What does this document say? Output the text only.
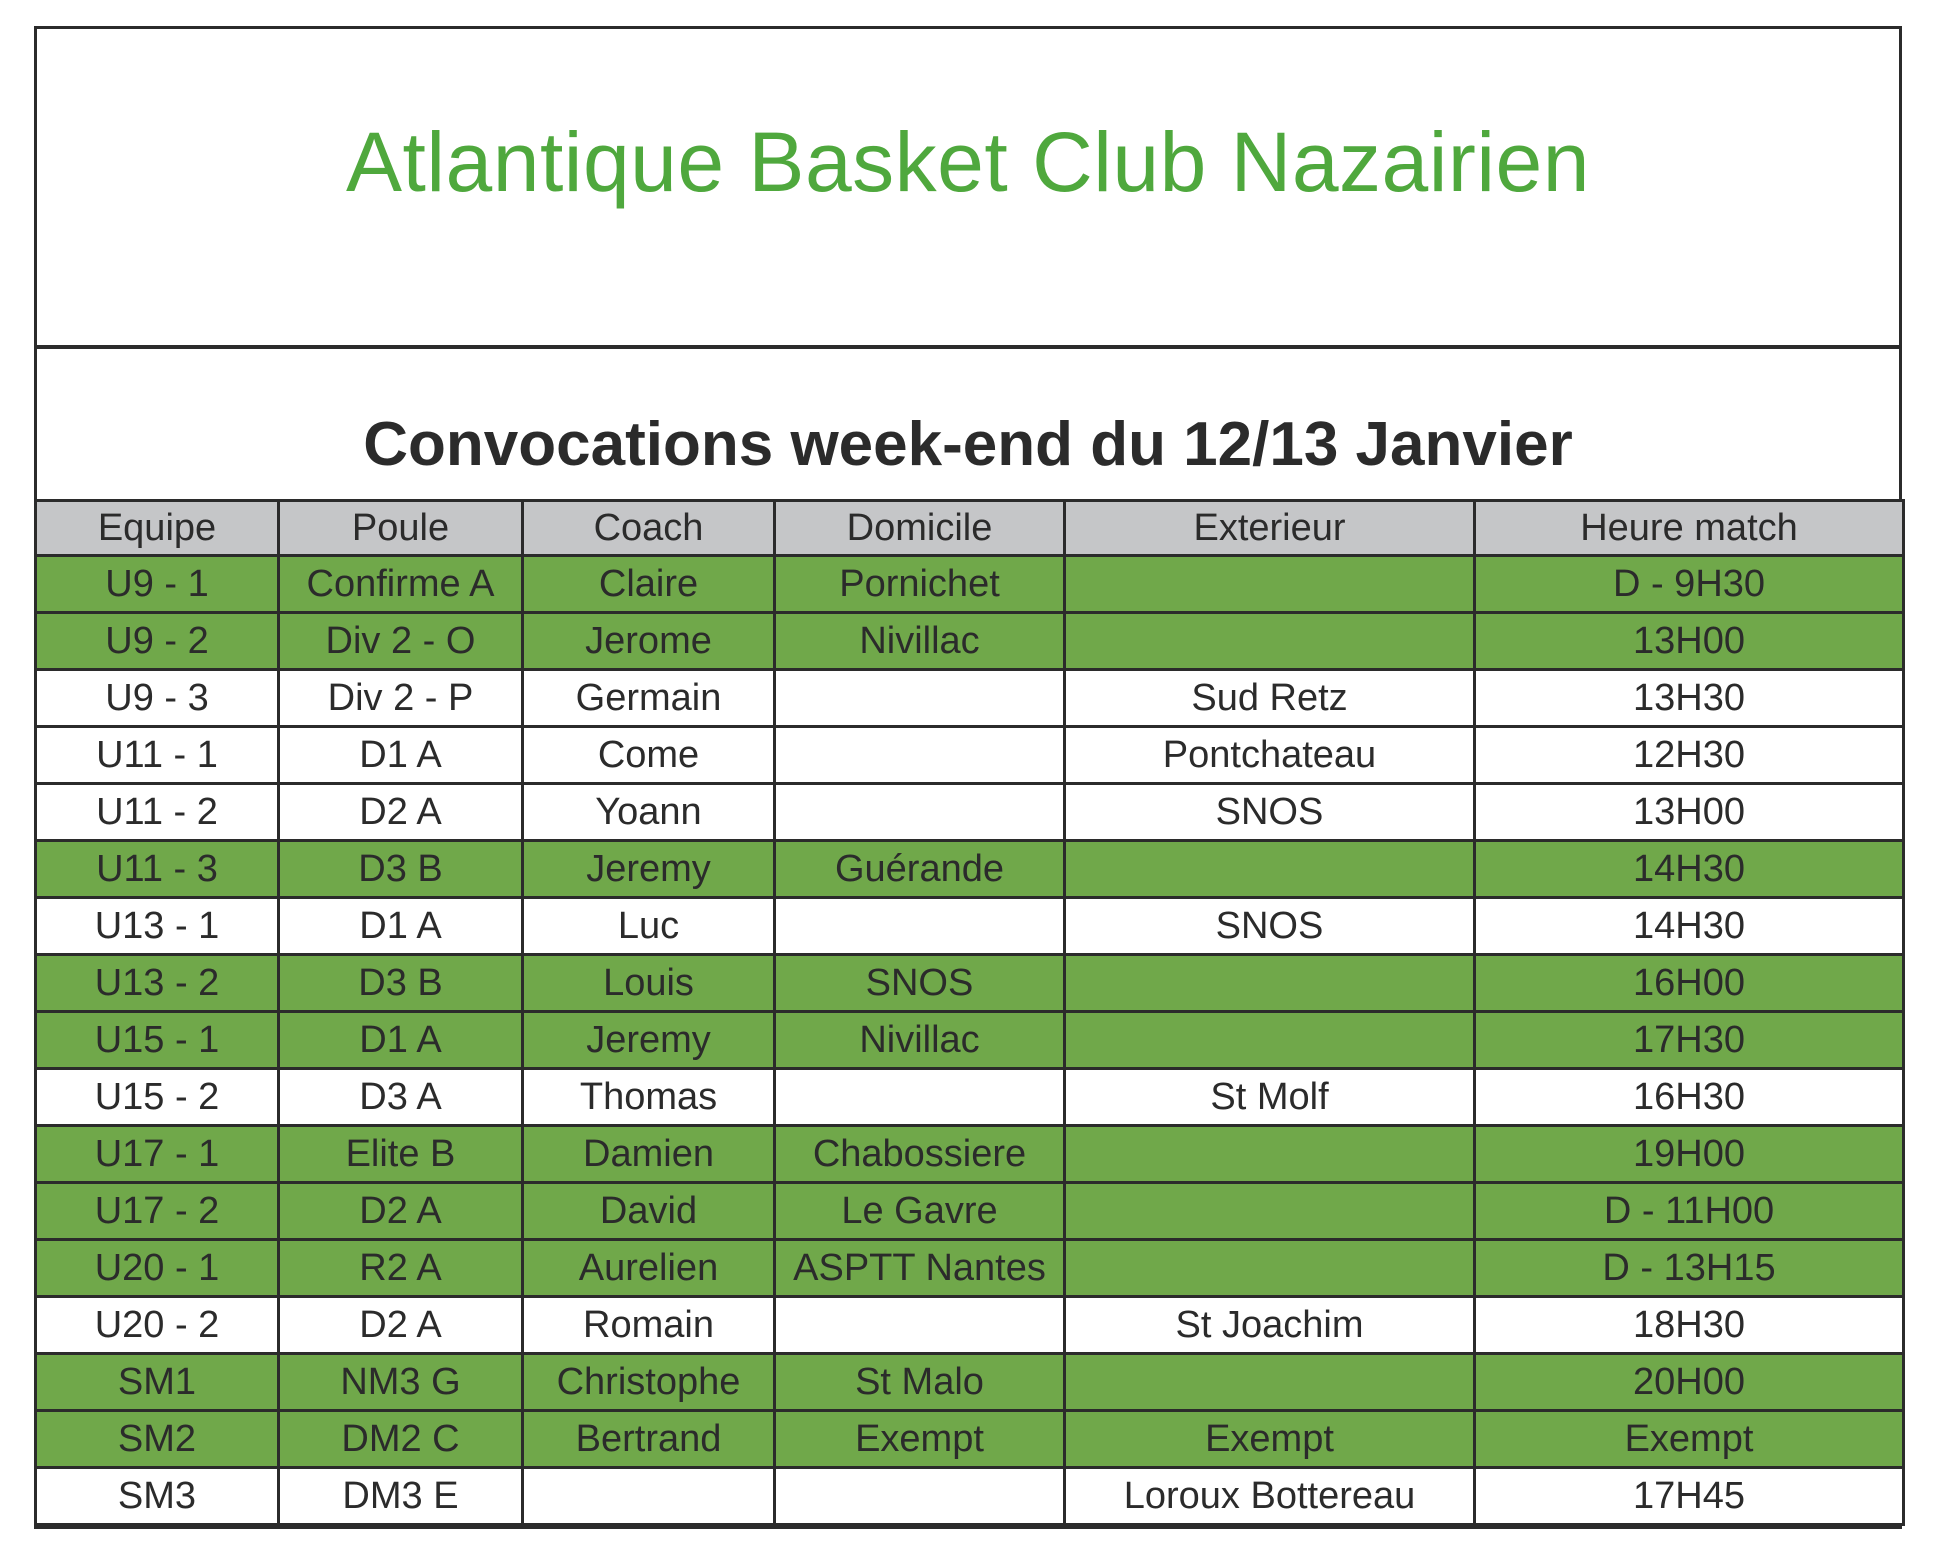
Atlantique Basket Club Nazairien
Convocations week-end du 12/13 Janvier
Equipe	Poule	Coach	Domicile	Exterieur	Heure match
U9 - 1	Confirme A	Claire	Pornichet		D - 9H30
U9 - 2	Div 2 - O	Jerome	Nivillac		13H00
U9 - 3	Div 2 - P	Germain		Sud Retz	13H30
U11 - 1	D1 A	Come		Pontchateau	12H30
U11 - 2	D2 A	Yoann		SNOS	13H00
U11 - 3	D3 B	Jeremy	Guérande		14H30
U13 - 1	D1 A	Luc		SNOS	14H30
U13 - 2	D3 B	Louis	SNOS		16H00
U15 - 1	D1 A	Jeremy	Nivillac		17H30
U15 - 2	D3 A	Thomas		St Molf	16H30
U17 - 1	Elite B	Damien	Chabossiere		19H00
U17 - 2	D2 A	David	Le Gavre		D - 11H00
U20 - 1	R2 A	Aurelien	ASPTT Nantes		D - 13H15
U20 - 2	D2 A	Romain		St Joachim	18H30
SM1	NM3 G	Christophe	St Malo		20H00
SM2	DM2 C	Bertrand	Exempt	Exempt	Exempt
SM3	DM3 E			Loroux Bottereau	17H45
